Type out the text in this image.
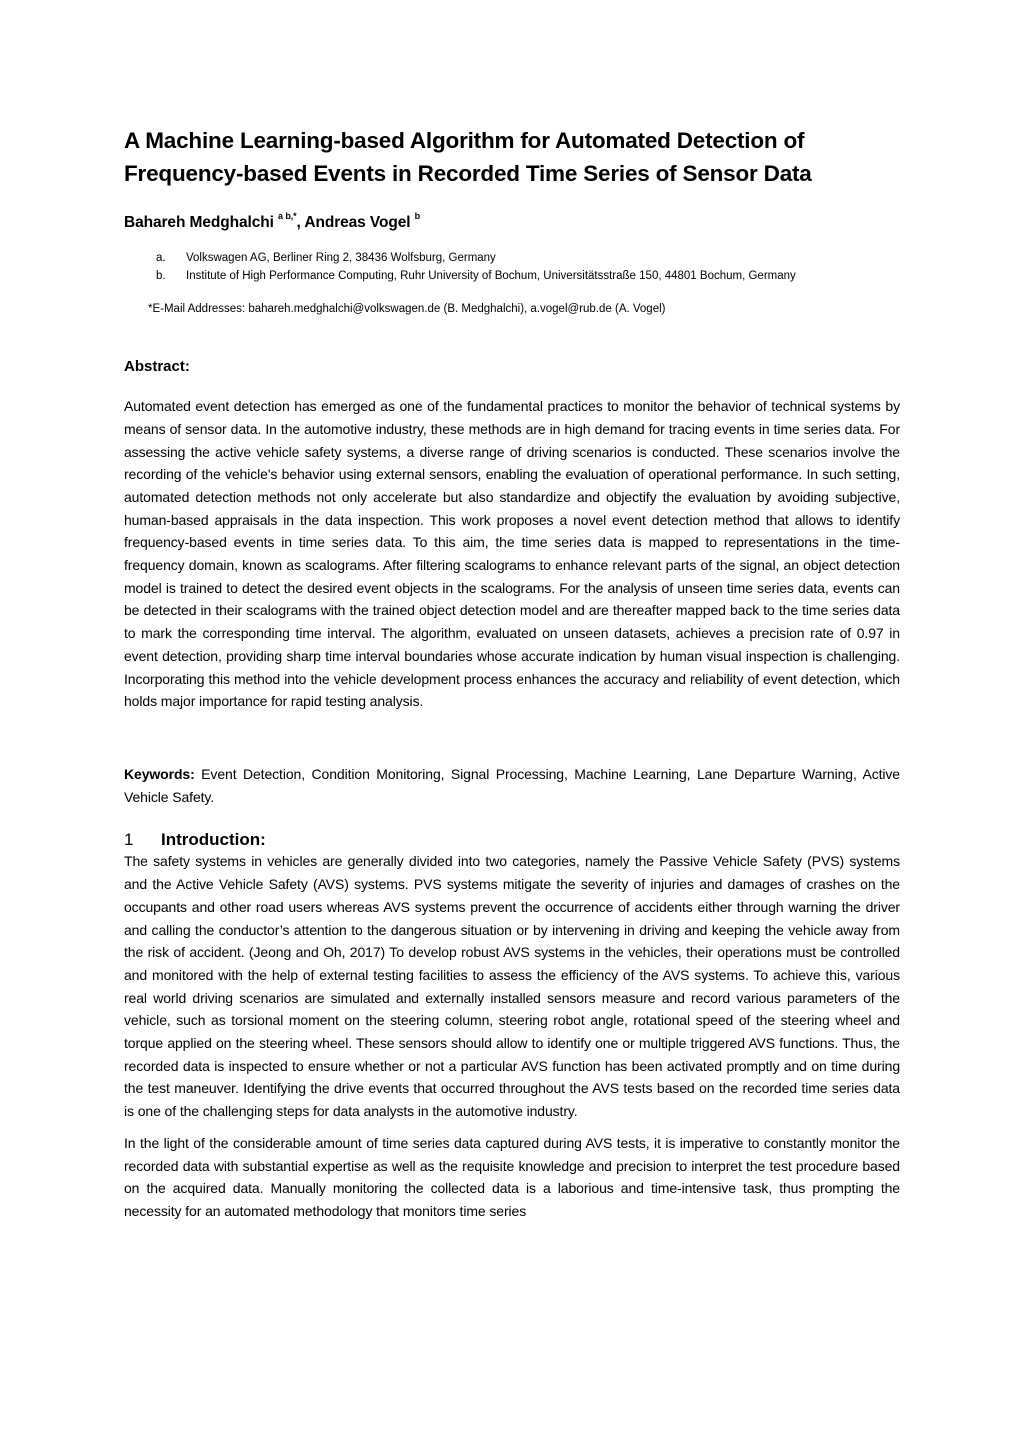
A Machine Learning-based Algorithm for Automated Detection of
Frequency-based Events in Recorded Time Series of Sensor Data
Bahareh Medghalchi $^{a b,*}$, Andreas Vogel $^b$
a.	Volkswagen AG, Berliner Ring 2, 38436 Wolfsburg, Germany
b.	Institute of High Performance Computing, Ruhr University of Bochum, Universitätsstraße 150, 44801 Bochum, Germany
*E-Mail Addresses: bahareh.medghalchi@volkswagen.de (B. Medghalchi), a.vogel@rub.de (A. Vogel)
Abstract:
Automated event detection has emerged as one of the fundamental practices to monitor the behavior of technical systems by means of sensor data. In the automotive industry, these methods are in high demand for tracing events in time series data. For assessing the active vehicle safety systems, a diverse range of driving scenarios is conducted. These scenarios involve the recording of the vehicle's behavior using external sensors, enabling the evaluation of operational performance. In such setting, automated detection methods not only accelerate but also standardize and objectify the evaluation by avoiding subjective, human-based appraisals in the data inspection. This work proposes a novel event detection method that allows to identify frequency-based events in time series data. To this aim, the time series data is mapped to representations in the time-frequency domain, known as scalograms. After filtering scalograms to enhance relevant parts of the signal, an object detection model is trained to detect the desired event objects in the scalograms. For the analysis of unseen time series data, events can be detected in their scalograms with the trained object detection model and are thereafter mapped back to the time series data to mark the corresponding time interval. The algorithm, evaluated on unseen datasets, achieves a precision rate of 0.97 in event detection, providing sharp time interval boundaries whose accurate indication by human visual inspection is challenging. Incorporating this method into the vehicle development process enhances the accuracy and reliability of event detection, which holds major importance for rapid testing analysis.
Keywords: Event Detection, Condition Monitoring, Signal Processing, Machine Learning, Lane Departure Warning, Active Vehicle Safety.
1	Introduction:
The safety systems in vehicles are generally divided into two categories, namely the Passive Vehicle Safety (PVS) systems and the Active Vehicle Safety (AVS) systems. PVS systems mitigate the severity of injuries and damages of crashes on the occupants and other road users whereas AVS systems prevent the occurrence of accidents either through warning the driver and calling the conductor’s attention to the dangerous situation or by intervening in driving and keeping the vehicle away from the risk of accident. (Jeong and Oh, 2017) To develop robust AVS systems in the vehicles, their operations must be controlled and monitored with the help of external testing facilities to assess the efficiency of the AVS systems. To achieve this, various real world driving scenarios are simulated and externally installed sensors measure and record various parameters of the vehicle, such as torsional moment on the steering column, steering robot angle, rotational speed of the steering wheel and torque applied on the steering wheel. These sensors should allow to identify one or multiple triggered AVS functions. Thus, the recorded data is inspected to ensure whether or not a particular AVS function has been activated promptly and on time during the test maneuver. Identifying the drive events that occurred throughout the AVS tests based on the recorded time series data is one of the challenging steps for data analysts in the automotive industry.
In the light of the considerable amount of time series data captured during AVS tests, it is imperative to constantly monitor the recorded data with substantial expertise as well as the requisite knowledge and precision to interpret the test procedure based on the acquired data. Manually monitoring the collected data is a laborious and time-intensive task, thus prompting the necessity for an automated methodology that monitors time series
